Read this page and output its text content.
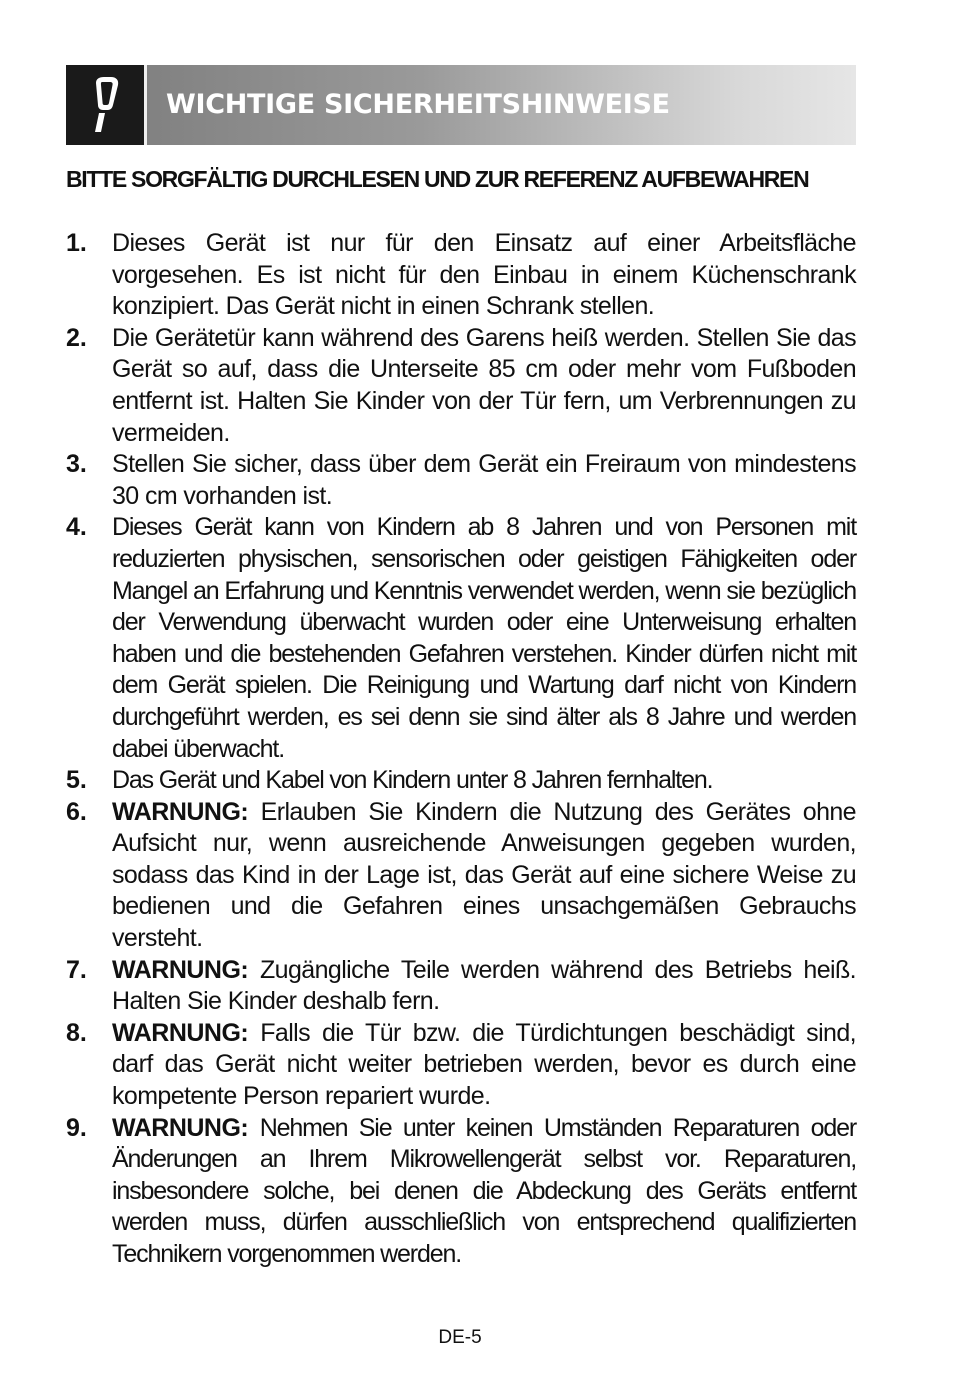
WICHTIGE SICHERHEITSHINWEISE
BITTE SORGFÄLTIG DURCHLESEN UND ZUR REFERENZ AUFBEWAHREN
1.	Dieses Gerät ist nur für den Einsatz auf einer Arbeitsfläche vorgesehen. Es ist nicht für den Einbau in einem Küchenschrank konzipiert. Das Gerät nicht in einen Schrank stellen.
2.	Die Gerätetür kann während des Garens heiß werden. Stellen Sie das Gerät so auf, dass die Unterseite 85 cm oder mehr vom Fußboden entfernt ist. Halten Sie Kinder von der Tür fern, um Verbrennungen zu vermeiden.
3.	Stellen Sie sicher, dass über dem Gerät ein Freiraum von mindestens 30 cm vorhanden ist.
4.	Dieses Gerät kann von Kindern ab 8 Jahren und von Personen mit reduzierten physischen, sensorischen oder geistigen Fähigkeiten oder Mangel an Erfahrung und Kenntnis verwendet werden, wenn sie bezüglich der Verwendung überwacht wurden oder eine Unterweisung erhalten haben und die bestehenden Gefahren verstehen. Kinder dürfen nicht mit dem Gerät spielen. Die Reinigung und Wartung darf nicht von Kindern durchgeführt werden, es sei denn sie sind älter als 8 Jahre und werden dabei überwacht.
5.	Das Gerät und Kabel von Kindern unter 8 Jahren fernhalten.
6.	WARNUNG: Erlauben Sie Kindern die Nutzung des Gerätes ohne Aufsicht nur, wenn ausreichende Anweisungen gegeben wurden, sodass das Kind in der Lage ist, das Gerät auf eine sichere Weise zu bedienen und die Gefahren eines unsachgemäßen Gebrauchs versteht.
7.	WARNUNG: Zugängliche Teile werden während des Betriebs heiß. Halten Sie Kinder deshalb fern.
8.	WARNUNG: Falls die Tür bzw. die Türdichtungen beschädigt sind, darf das Gerät nicht weiter betrieben werden, bevor es durch eine kompetente Person repariert wurde.
9.	WARNUNG: Nehmen Sie unter keinen Umständen Reparaturen oder Änderungen an Ihrem Mikrowellengerät selbst vor. Reparaturen, insbesondere solche, bei denen die Abdeckung des Geräts entfernt werden muss, dürfen ausschließlich von entsprechend qualifizierten Technikern vorgenommen werden.
DE-5
